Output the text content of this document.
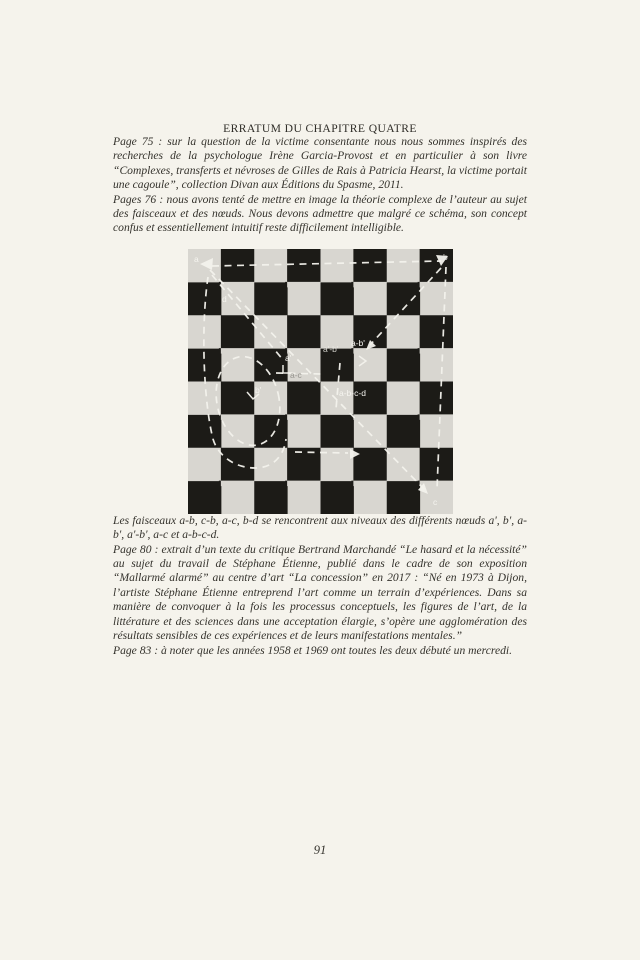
ERRATUM DU CHAPITRE QUATRE

Page 75 : sur la question de la victime consentante nous nous sommes inspirés des recherches de la psychologue Irène Garcia-Provost et en particulier à son livre “Complexes, transferts et névroses de Gilles de Rais à Patricia Hearst, la victime portait une cagoule”, collection Divan aux Éditions du Spasme, 2011.

Pages 76 : nous avons tenté de mettre en image la théorie complexe de l’auteur au sujet des faisceaux et des nœuds. Nous devons admettre que malgré ce schéma, son concept confus et essentiellement intuitif reste difficilement intelligible.

a	b
c
d
a'
b'
a-b'
a'-b'
a-c
a-b-c-d

Les faisceaux a-b, c-b, a-c, b-d se rencontrent aux niveaux des différents nœuds a', b', a-b', a'-b', a-c et a-b-c-d.

Page 80 : extrait d’un texte du critique Bertrand Marchandé “Le hasard et la nécessité” au sujet du travail de Stéphane Étienne, publié dans le cadre de son exposition “Mallarmé alarmé” au centre d’art “La concession” en 2017 : “Né en 1973 à Dijon, l’artiste Stéphane Étienne entreprend l’art comme un terrain d’expériences. Dans sa manière de convoquer à la fois les processus conceptuels, les figures de l’art, de la littérature et des sciences dans une acceptation élargie, s’opère une agglomération des résultats sensibles de ces expériences et de leurs manifestations mentales.”

Page 83 : à noter que les années 1958 et 1969 ont toutes les deux débuté un mercredi.

91
